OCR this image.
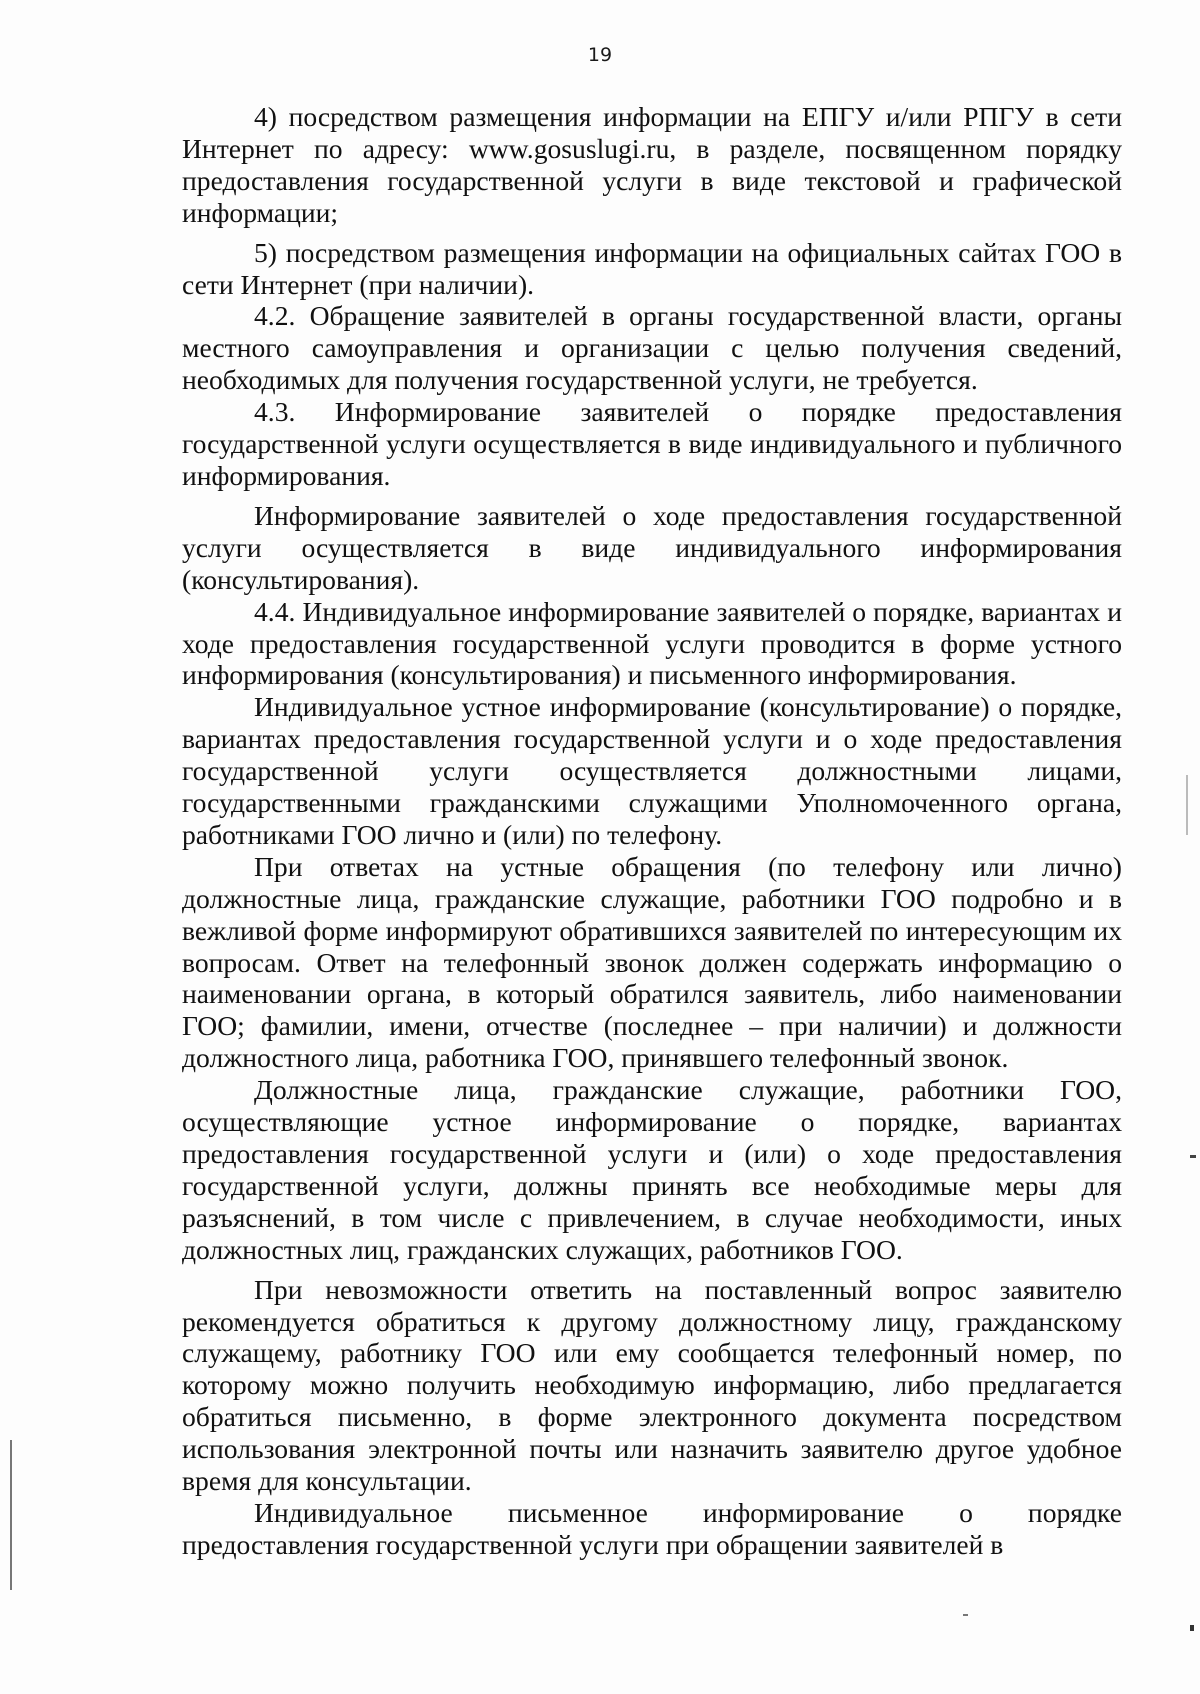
19

4) посредством размещения информации на ЕПГУ и/или РПГУ в сети Интернет по адресу: www.gosuslugi.ru, в разделе, посвященном порядку предоставления государственной услуги в виде текстовой и графической информации;

5) посредством размещения информации на официальных сайтах ГОО в сети Интернет (при наличии).

4.2. Обращение заявителей в органы государственной власти, органы местного самоуправления и организации с целью получения сведений, необходимых для получения государственной услуги, не требуется.

4.3. Информирование заявителей о порядке предоставления государственной услуги осуществляется в виде индивидуального и публичного информирования.

Информирование заявителей о ходе предоставления государственной услуги осуществляется в виде индивидуального информирования (консультирования).

4.4. Индивидуальное информирование заявителей о порядке, вариантах и ходе предоставления государственной услуги проводится в форме устного информирования (консультирования) и письменного информирования.

Индивидуальное устное информирование (консультирование) о порядке, вариантах предоставления государственной услуги и о ходе предоставления государственной услуги осуществляется должностными лицами, государственными гражданскими служащими Уполномоченного органа, работниками ГОО лично и (или) по телефону.

При ответах на устные обращения (по телефону или лично) должностные лица, гражданские служащие, работники ГОО подробно и в вежливой форме информируют обратившихся заявителей по интересующим их вопросам. Ответ на телефонный звонок должен содержать информацию о наименовании органа, в который обратился заявитель, либо наименовании ГОО; фамилии, имени, отчестве (последнее – при наличии) и должности должностного лица, работника ГОО, принявшего телефонный звонок.

Должностные лица, гражданские служащие, работники ГОО, осуществляющие устное информирование о порядке, вариантах предоставления государственной услуги и (или) о ходе предоставления государственной услуги, должны принять все необходимые меры для разъяснений, в том числе с привлечением, в случае необходимости, иных должностных лиц, гражданских служащих, работников ГОО.

При невозможности ответить на поставленный вопрос заявителю рекомендуется обратиться к другому должностному лицу, гражданскому служащему, работнику ГОО или ему сообщается телефонный номер, по которому можно получить необходимую информацию, либо предлагается обратиться письменно, в форме электронного документа посредством использования электронной почты или назначить заявителю другое удобное время для консультации.

Индивидуальное письменное информирование о порядке предоставления государственной услуги при обращении заявителей в
